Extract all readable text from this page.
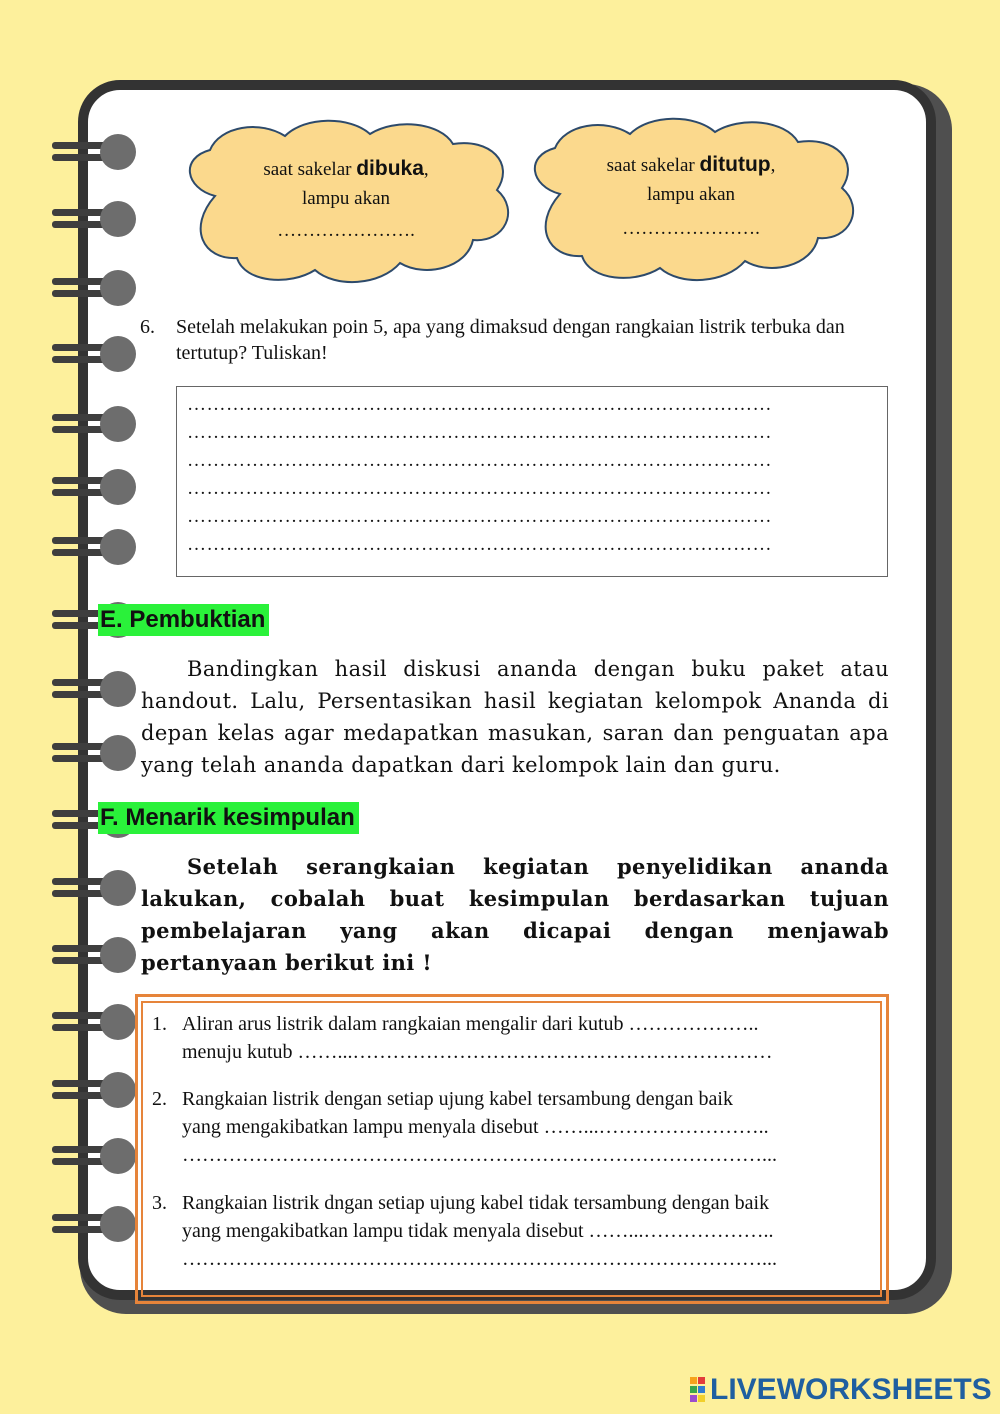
saat sakelar dibuka,
lampu akan
………………….
saat sakelar ditutup,
lampu akan
………………….
6. Setelah melakukan poin 5, apa yang dimaksud dengan rangkaian listrik terbuka dan tertutup? Tuliskan!
………………………………………………………………………………
………………………………………………………………………………
………………………………………………………………………………
………………………………………………………………………………
………………………………………………………………………………
………………………………………………………………………………
E. Pembuktian
Bandingkan hasil diskusi ananda dengan buku paket atau handout. Lalu, Persentasikan hasil kegiatan kelompok Ananda di depan kelas agar medapatkan masukan, saran dan penguatan apa yang telah ananda dapatkan dari kelompok lain dan guru.
F. Menarik kesimpulan
Setelah serangkaian kegiatan penyelidikan ananda lakukan, cobalah buat kesimpulan berdasarkan tujuan pembelajaran yang akan dicapai dengan menjawab pertanyaan berikut ini !
1. Aliran arus listrik dalam rangkaian mengalir dari kutub ………………..
menuju kutub ……...………………………………………………………
2. Rangkaian listrik dengan setiap ujung kabel tersambung dengan baik
yang mengakibatkan lampu menyala disebut ……...……………………..
……………………………………………………………………………...
3. Rangkaian listrik dngan setiap ujung kabel tidak tersambung dengan baik
yang mengakibatkan lampu tidak menyala disebut ……...………………..
……………………………………………………………………………...
LIVEWORKSHEETS
